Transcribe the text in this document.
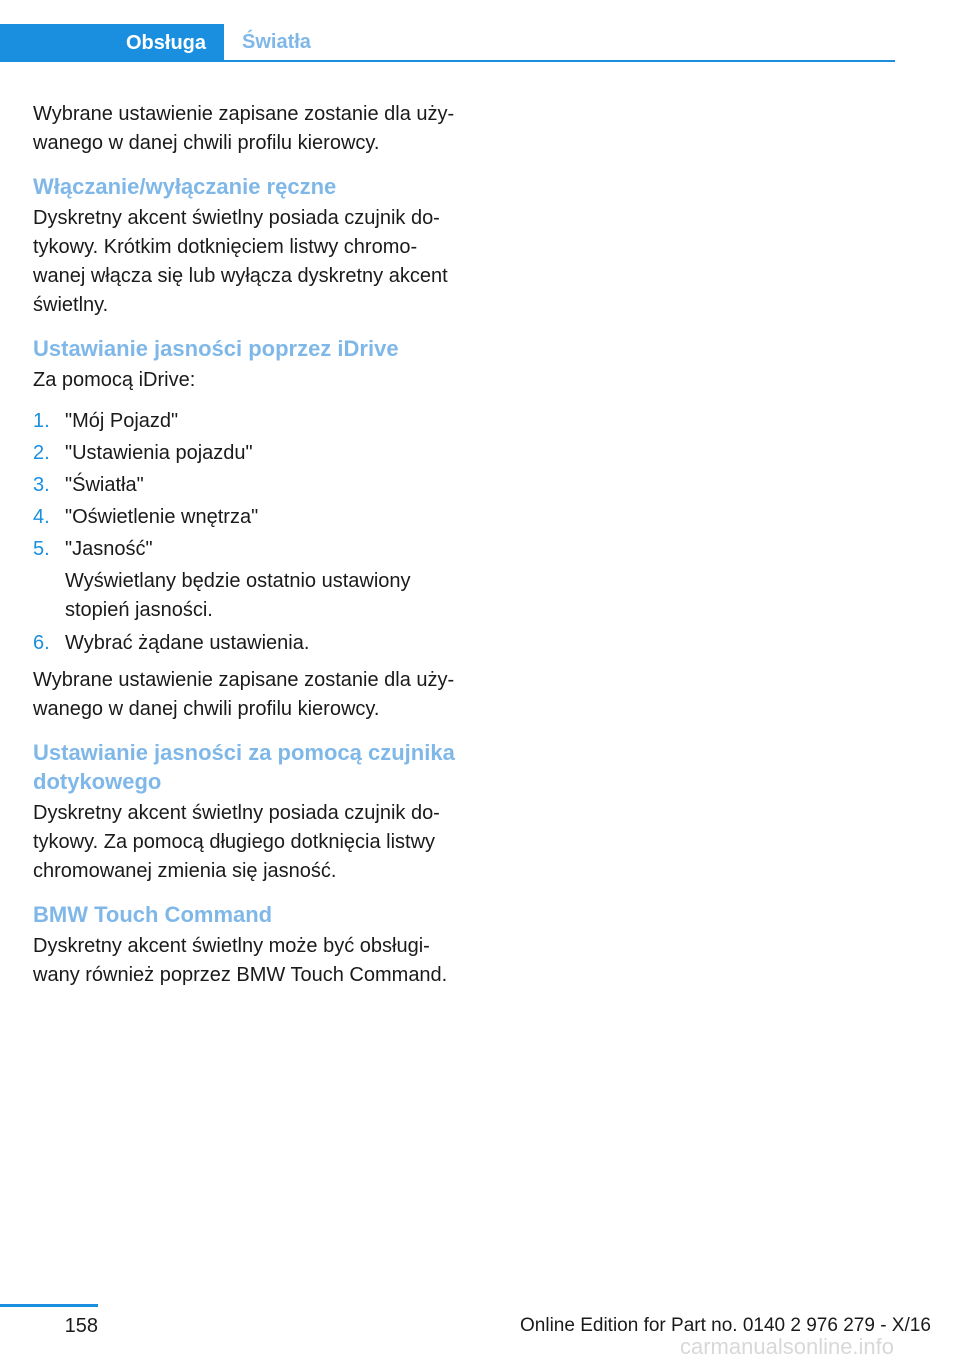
Obsługa	Światła

Wybrane ustawienie zapisane zostanie dla uży-wanego w danej chwili profilu kierowcy.

Włączanie/wyłączanie ręczne

Dyskretny akcent świetlny posiada czujnik do-tykowy. Krótkim dotknięciem listwy chromo-wanej włącza się lub wyłącza dyskretny akcent świetlny.

Ustawianie jasności poprzez iDrive

Za pomocą iDrive:

1. "Mój Pojazd"
2. "Ustawienia pojazdu"
3. "Światła"
4. "Oświetlenie wnętrza"
5. "Jasność"
Wyświetlany będzie ostatnio ustawiony stopień jasności.
6. Wybrać żądane ustawienia.

Wybrane ustawienie zapisane zostanie dla uży-wanego w danej chwili profilu kierowcy.

Ustawianie jasności za pomocą czujnika dotykowego

Dyskretny akcent świetlny posiada czujnik do-tykowy. Za pomocą długiego dotknięcia listwy chromowanej zmienia się jasność.

BMW Touch Command

Dyskretny akcent świetlny może być obsługi-wany również poprzez BMW Touch Command.

158	Online Edition for Part no. 0140 2 976 279 - X/16
carmanualsonline.info
